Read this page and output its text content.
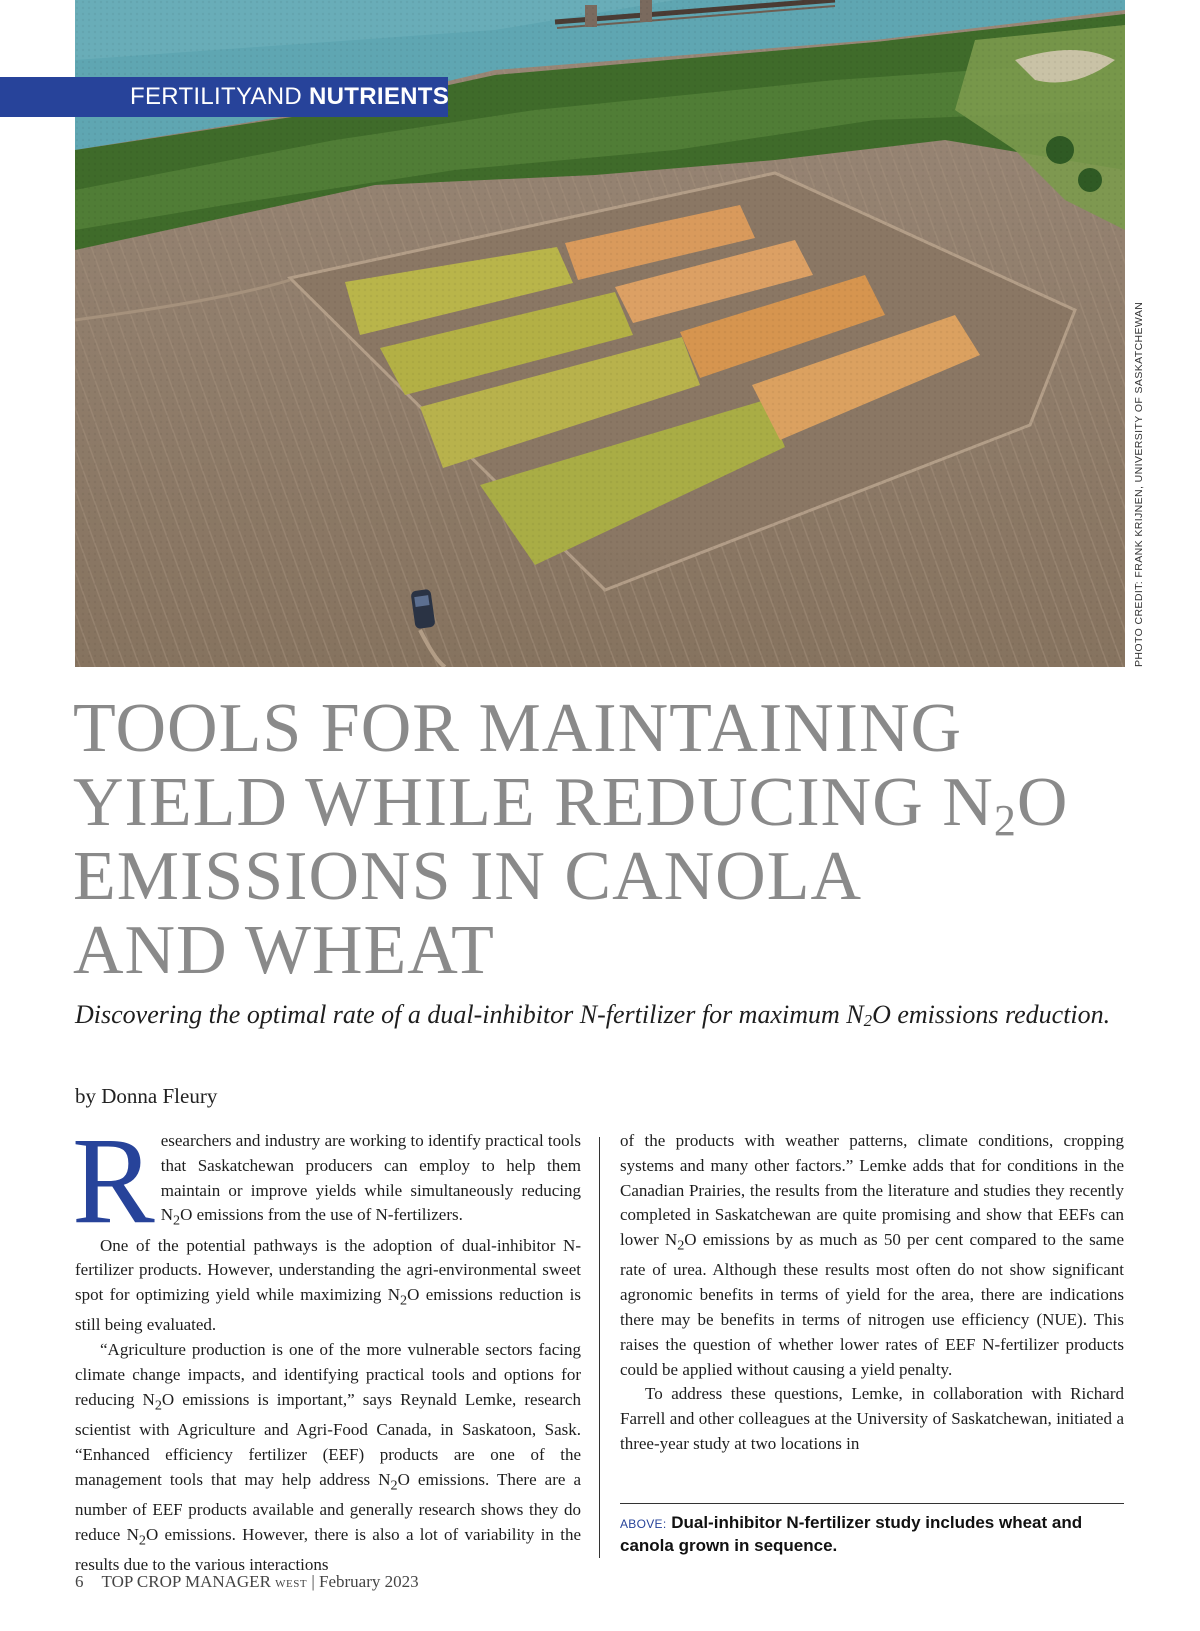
FERTILITYAND NUTRIENTS
PHOTO CREDIT: FRANK KRIJNEN, UNIVERSITY OF SASKATCHEWAN
TOOLS FOR MAINTAINING
YIELD WHILE REDUCING $N_2O$
EMISSIONS IN CANOLA
AND WHEAT
Discovering the optimal rate of a dual-inhibitor N-fertilizer for maximum $N_2O$ emissions reduction.
by Donna Fleury

Researchers and industry are working to identify practical tools that Saskatchewan producers can employ to help them maintain or improve yields while simultaneously reducing $N_2O$ emissions from the use of N-fertilizers.

One of the potential pathways is the adoption of dual-inhibitor N-fertilizer products. However, understanding the agri-environmental sweet spot for optimizing yield while maximizing $N_2O$ emissions reduction is still being evaluated.

“Agriculture production is one of the more vulnerable sectors facing climate change impacts, and identifying practical tools and options for reducing $N_2O$ emissions is important,” says Reynald Lemke, research scientist with Agriculture and Agri-Food Canada, in Saskatoon, Sask. “Enhanced efficiency fertilizer (EEF) products are one of the management tools that may help address $N_2O$ emissions. There are a number of EEF products available and generally research shows they do reduce $N_2O$ emissions. However, there is also a lot of variability in the results due to the various interactions

of the products with weather patterns, climate conditions, cropping systems and many other factors.” Lemke adds that for conditions in the Canadian Prairies, the results from the literature and studies they recently completed in Saskatchewan are quite promising and show that EEFs can lower $N_2O$ emissions by as much as 50 per cent compared to the same rate of urea. Although these results most often do not show significant agronomic benefits in terms of yield for the area, there are indications there may be benefits in terms of nitrogen use efficiency (NUE). This raises the question of whether lower rates of EEF N-fertilizer products could be applied without causing a yield penalty.

To address these questions, Lemke, in collaboration with Richard Farrell and other colleagues at the University of Saskatchewan, initiated a three-year study at two locations in

ABOVE: Dual-inhibitor N-fertilizer study includes wheat and canola grown in sequence.
6 TOP CROP MANAGER WEST | February 2023
